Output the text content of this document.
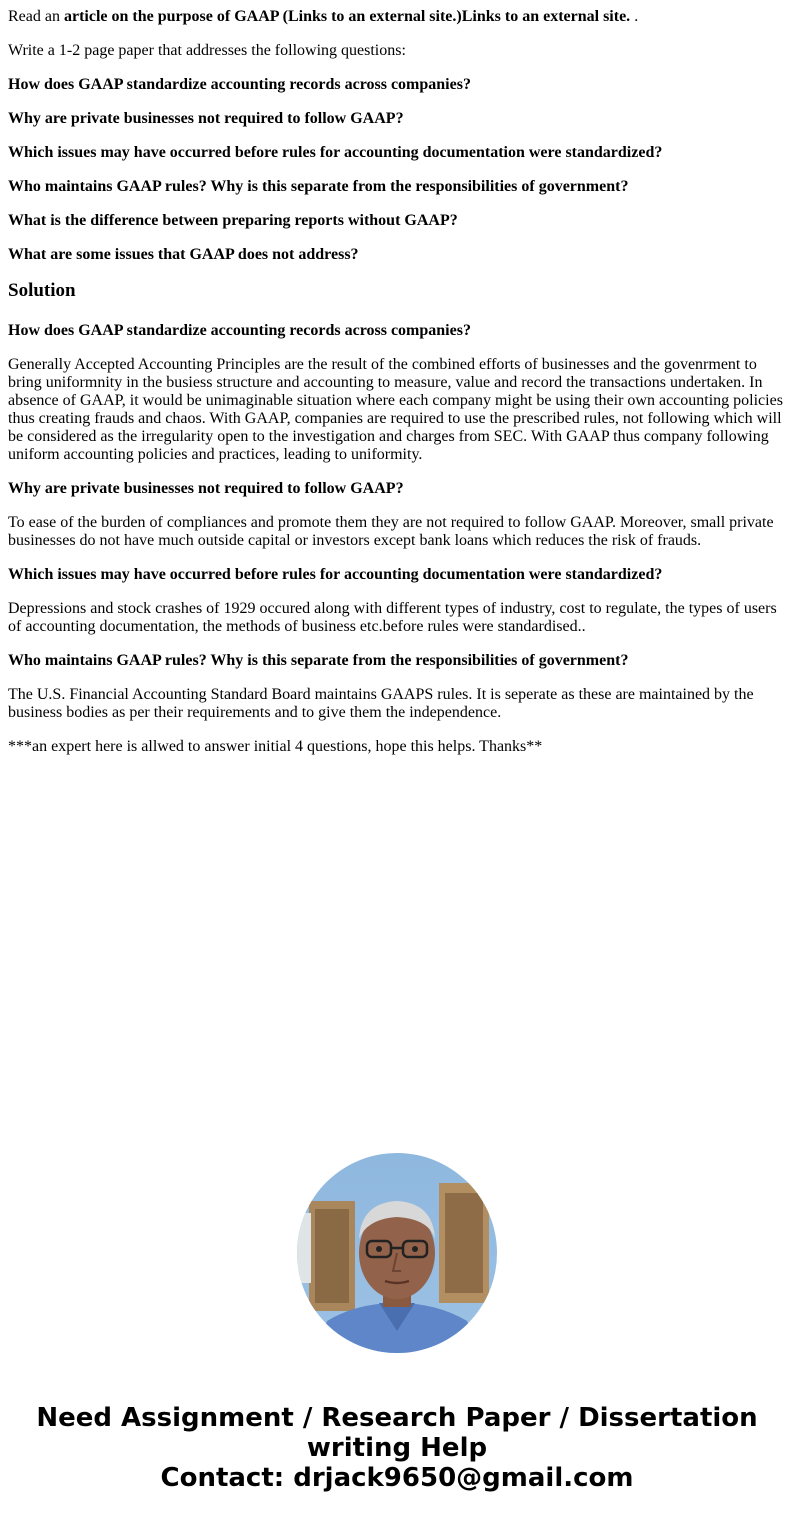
Read an article on the purpose of GAAP (Links to an external site.)Links to an external site. .

Write a 1-2 page paper that addresses the following questions:

How does GAAP standardize accounting records across companies?

Why are private businesses not required to follow GAAP?

Which issues may have occurred before rules for accounting documentation were standardized?

Who maintains GAAP rules? Why is this separate from the responsibilities of government?

What is the difference between preparing reports without GAAP?

What are some issues that GAAP does not address?

Solution

How does GAAP standardize accounting records across companies?

Generally Accepted Accounting Principles are the result of the combined efforts of businesses and the govenrment to bring uniformnity in the busiess structure and accounting to measure, value and record the transactions undertaken. In absence of GAAP, it would be unimaginable situation where each company might be using their own accounting policies thus creating frauds and chaos. With GAAP, companies are required to use the prescribed rules, not following which will be considered as the irregularity open to the investigation and charges from SEC. With GAAP thus company following uniform accounting policies and practices, leading to uniformity.

Why are private businesses not required to follow GAAP?

To ease of the burden of compliances and promote them they are not required to follow GAAP. Moreover, small private businesses do not have much outside capital or investors except bank loans which reduces the risk of frauds.

Which issues may have occurred before rules for accounting documentation were standardized?

Depressions and stock crashes of 1929 occured along with different types of industry, cost to regulate, the types of users of accounting documentation, the methods of business etc.before rules were standardised..

Who maintains GAAP rules? Why is this separate from the responsibilities of government?

The U.S. Financial Accounting Standard Board maintains GAAPS rules. It is seperate as these are maintained by the business bodies as per their requirements and to give them the independence.

***an expert here is allwed to answer initial 4 questions, hope this helps. Thanks**

Need Assignment / Research Paper / Dissertation
writing Help
Contact: drjack9650@gmail.com
